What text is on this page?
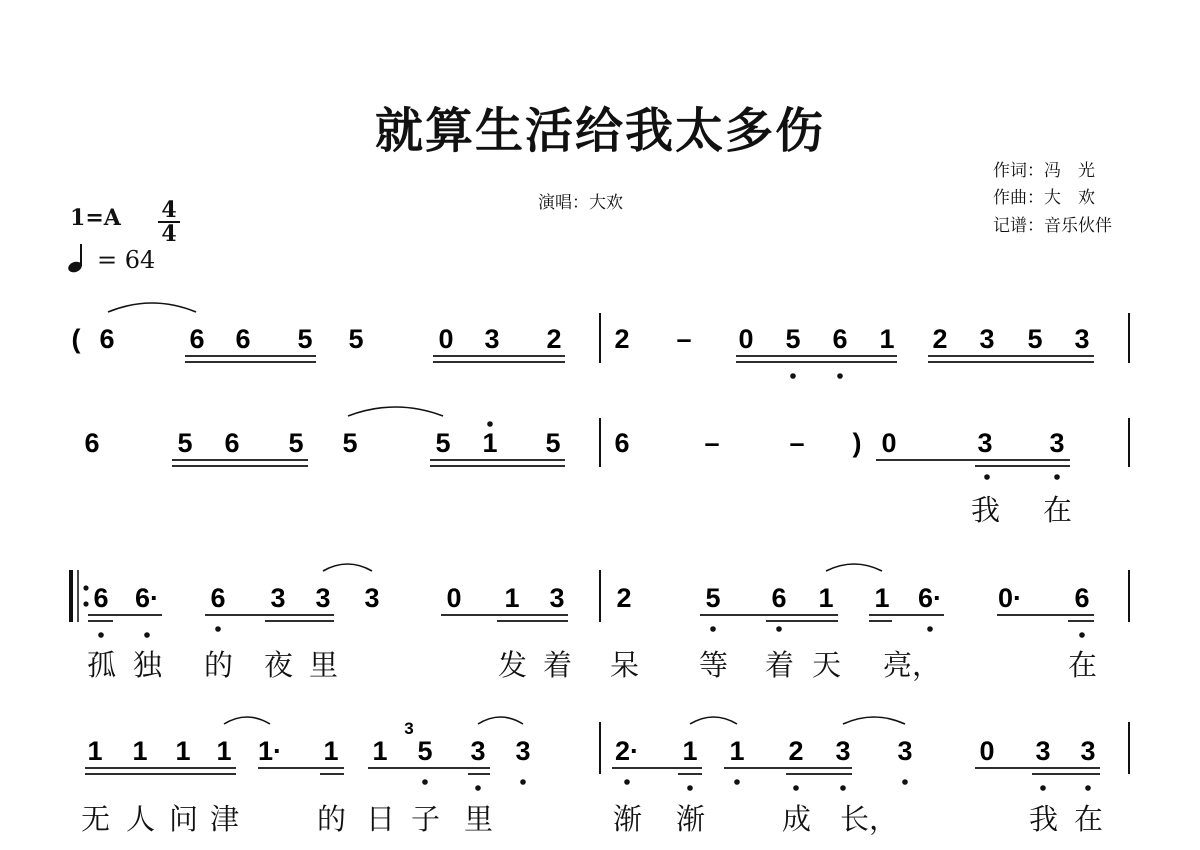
就算生活给我太多伤
演唱：大欢
作词：冯　光
作曲：大　欢
记谱：音乐伙伴
1=A 4
4
= 64
( 6	6 6 5 5	0 3 2 2 – 0 5 6 1 2 3 5 3
6	5 6 5 5	5 1 5 6	–	– ) 0	3 3
6 6· 6 3 3 3 0 1 3 2	5 6 1 1 6· 0· 6
1 1 1 1 1· 1 1
3
5 3 3	2· 1 1 2 3 3 0 3 3
我 在
孤 独 的 夜 里	发 着 呆 等 着 天 亮，	在
无 人 问 津	的 日 子 里	渐 渐	成 长，	我 在
